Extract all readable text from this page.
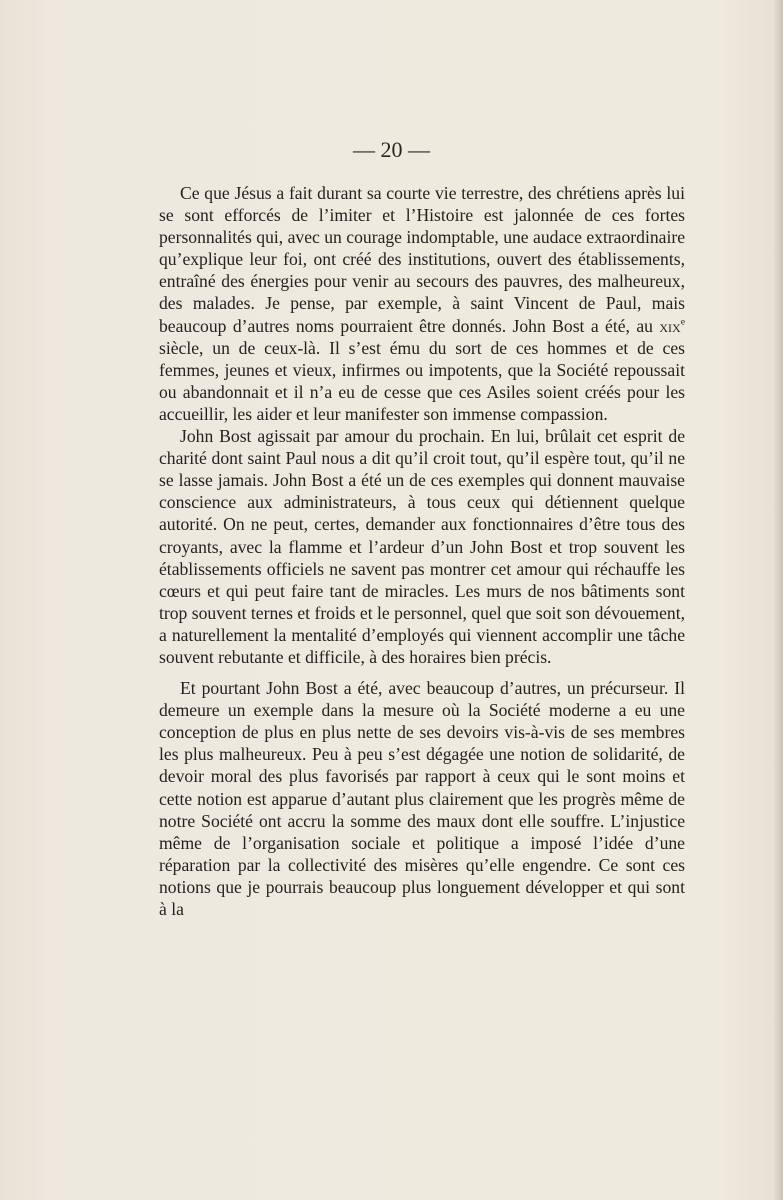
— 20 —

Ce que Jésus a fait durant sa courte vie terrestre, des chrétiens après lui se sont efforcés de l’imiter et l’Histoire est jalonnée de ces fortes personnalités qui, avec un courage indomptable, une audace extraordinaire qu’explique leur foi, ont créé des institutions, ouvert des établissements, entraîné des énergies pour venir au secours des pauvres, des malheureux, des malades. Je pense, par exemple, à saint Vincent de Paul, mais beaucoup d’autres noms pourraient être donnés. John Bost a été, au xix$^e$ siècle, un de ceux-là. Il s’est ému du sort de ces hommes et de ces femmes, jeunes et vieux, infirmes ou impotents, que la Société repoussait ou abandonnait et il n’a eu de cesse que ces Asiles soient créés pour les accueillir, les aider et leur manifester son immense compassion.

John Bost agissait par amour du prochain. En lui, brûlait cet esprit de charité dont saint Paul nous a dit qu’il croit tout, qu’il espère tout, qu’il ne se lasse jamais. John Bost a été un de ces exemples qui donnent mauvaise conscience aux administrateurs, à tous ceux qui détiennent quelque autorité. On ne peut, certes, demander aux fonctionnaires d’être tous des croyants, avec la flamme et l’ardeur d’un John Bost et trop souvent les établissements officiels ne savent pas montrer cet amour qui réchauffe les cœurs et qui peut faire tant de miracles. Les murs de nos bâtiments sont trop souvent ternes et froids et le personnel, quel que soit son dévouement, a naturellement la mentalité d’employés qui viennent accomplir une tâche souvent rebutante et difficile, à des horaires bien précis.

Et pourtant John Bost a été, avec beaucoup d’autres, un précurseur. Il demeure un exemple dans la mesure où la Société moderne a eu une conception de plus en plus nette de ses devoirs vis-à-vis de ses membres les plus malheureux. Peu à peu s’est dégagée une notion de solidarité, de devoir moral des plus favorisés par rapport à ceux qui le sont moins et cette notion est apparue d’autant plus clairement que les progrès même de notre Société ont accru la somme des maux dont elle souffre. L’injustice même de l’organisation sociale et politique a imposé l’idée d’une réparation par la collectivité des misères qu’elle engendre. Ce sont ces notions que je pourrais beaucoup plus longuement développer et qui sont à la
